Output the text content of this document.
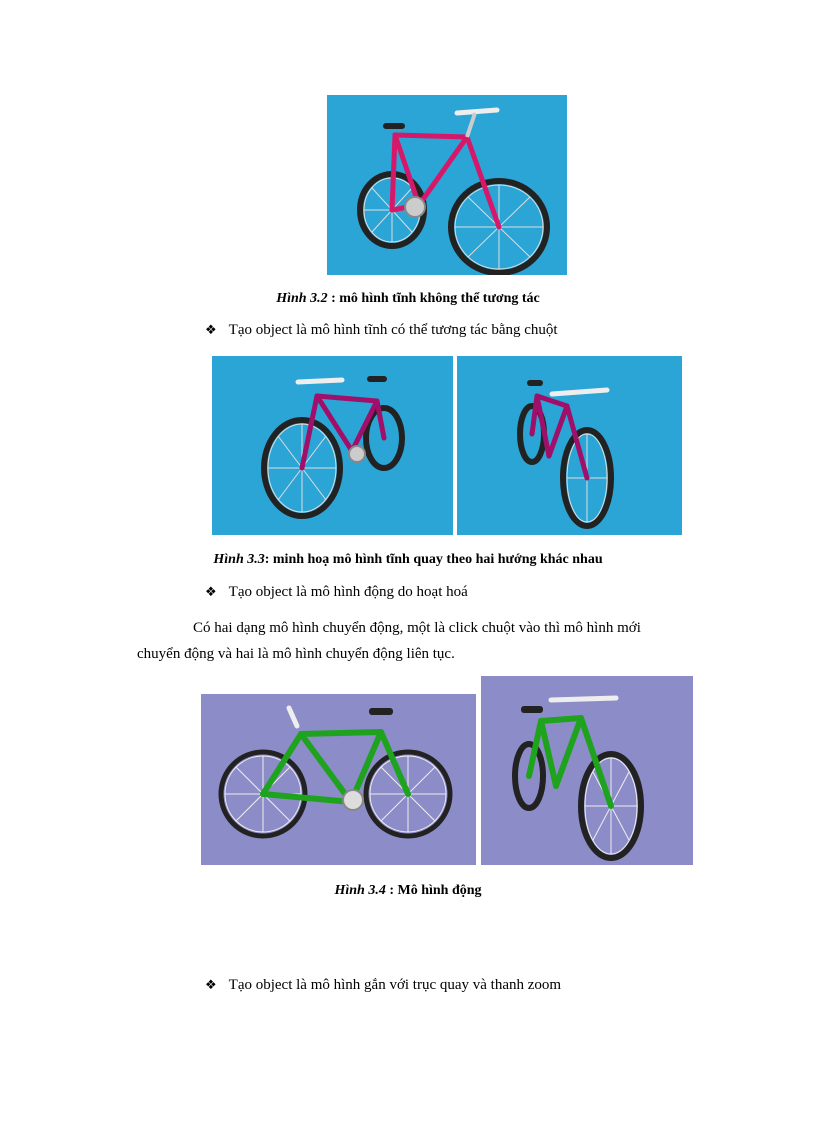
Hình 3.2 : mô hình tĩnh không thể tương tác
❖ Tạo object là mô hình tĩnh có thể tương tác bằng chuột
Hình 3.3: minh hoạ mô hình tĩnh quay theo hai hướng khác nhau
❖ Tạo object là mô hình động do hoạt hoá
Có hai dạng mô hình chuyển động, một là click chuột vào thì mô hình mới
chuyển động và hai là mô hình chuyển động liên tục.
Hình 3.4 : Mô hình động
❖ Tạo object là mô hình gắn với trục quay và thanh zoom
